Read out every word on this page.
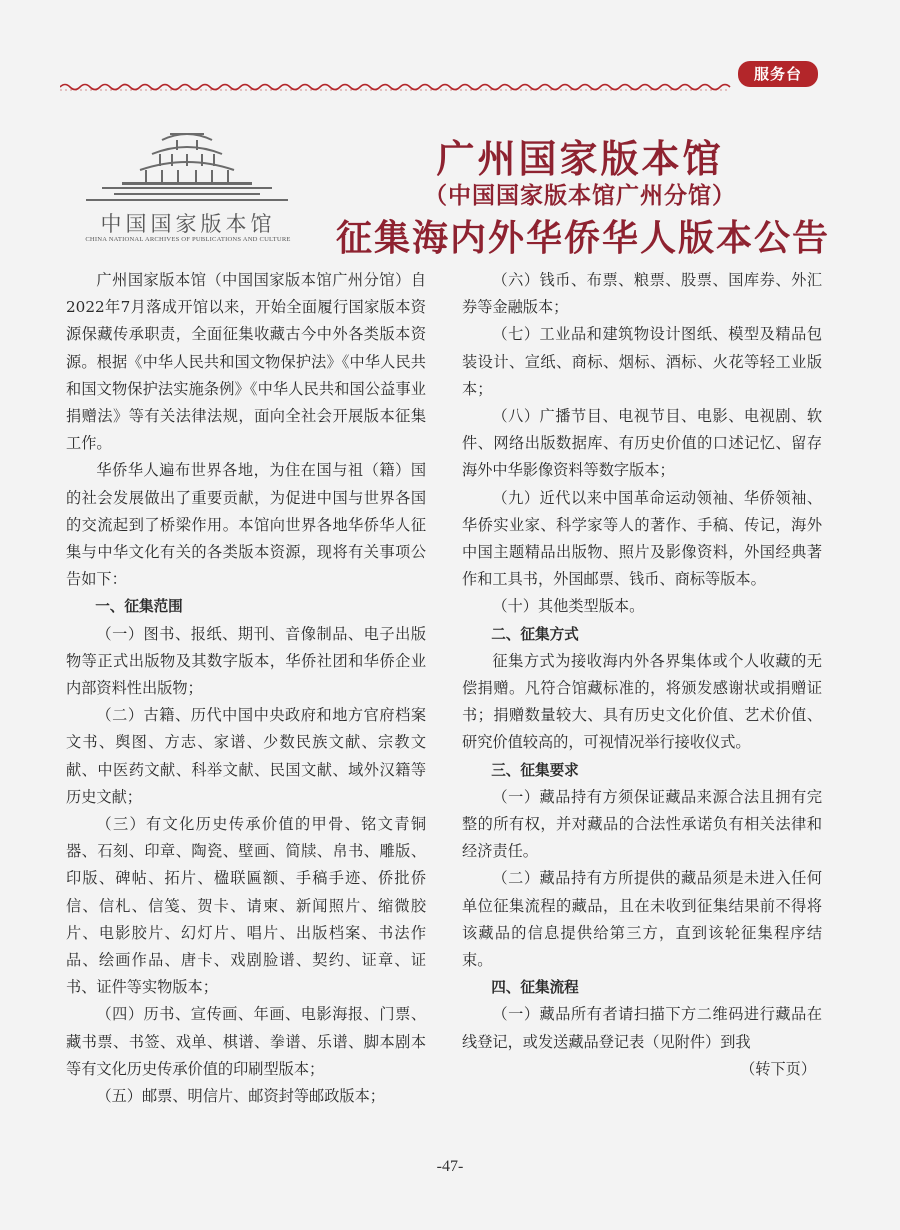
服务台
中国国家版本馆
CHINA NATIONAL ARCHIVES OF PUBLICATIONS AND CULTURE
广州国家版本馆
（中国国家版本馆广州分馆）
征集海内外华侨华人版本公告

广州国家版本馆（中国国家版本馆广州分馆）自2022年7月落成开馆以来，开始全面履行国家版本资源保藏传承职责，全面征集收藏古今中外各类版本资源。根据《中华人民共和国文物保护法》《中华人民共和国文物保护法实施条例》《中华人民共和国公益事业捐赠法》等有关法律法规，面向全社会开展版本征集工作。

华侨华人遍布世界各地，为住在国与祖（籍）国的社会发展做出了重要贡献，为促进中国与世界各国的交流起到了桥梁作用。本馆向世界各地华侨华人征集与中华文化有关的各类版本资源，现将有关事项公告如下：

一、征集范围

（一）图书、报纸、期刊、音像制品、电子出版物等正式出版物及其数字版本，华侨社团和华侨企业内部资料性出版物；

（二）古籍、历代中国中央政府和地方官府档案文书、舆图、方志、家谱、少数民族文献、宗教文献、中医药文献、科举文献、民国文献、域外汉籍等历史文献；

（三）有文化历史传承价值的甲骨、铭文青铜器、石刻、印章、陶瓷、壁画、简牍、帛书、雕版、印版、碑帖、拓片、楹联匾额、手稿手迹、侨批侨信、信札、信笺、贺卡、请柬、新闻照片、缩微胶片、电影胶片、幻灯片、唱片、出版档案、书法作品、绘画作品、唐卡、戏剧脸谱、契约、证章、证书、证件等实物版本；

（四）历书、宣传画、年画、电影海报、门票、藏书票、书签、戏单、棋谱、拳谱、乐谱、脚本剧本等有文化历史传承价值的印刷型版本；

（五）邮票、明信片、邮资封等邮政版本；

（六）钱币、布票、粮票、股票、国库券、外汇券等金融版本；

（七）工业品和建筑物设计图纸、模型及精品包装设计、宣纸、商标、烟标、酒标、火花等轻工业版本；

（八）广播节目、电视节目、电影、电视剧、软件、网络出版数据库、有历史价值的口述记忆、留存海外中华影像资料等数字版本；

（九）近代以来中国革命运动领袖、华侨领袖、华侨实业家、科学家等人的著作、手稿、传记，海外中国主题精品出版物、照片及影像资料，外国经典著作和工具书，外国邮票、钱币、商标等版本。

（十）其他类型版本。

二、征集方式

征集方式为接收海内外各界集体或个人收藏的无偿捐赠。凡符合馆藏标准的，将颁发感谢状或捐赠证书；捐赠数量较大、具有历史文化价值、艺术价值、研究价值较高的，可视情况举行接收仪式。

三、征集要求

（一）藏品持有方须保证藏品来源合法且拥有完整的所有权，并对藏品的合法性承诺负有相关法律和经济责任。

（二）藏品持有方所提供的藏品须是未进入任何单位征集流程的藏品，且在未收到征集结果前不得将该藏品的信息提供给第三方，直到该轮征集程序结束。

四、征集流程

（一）藏品所有者请扫描下方二维码进行藏品在线登记，或发送藏品登记表（见附件）到我

（转下页）

-47-
